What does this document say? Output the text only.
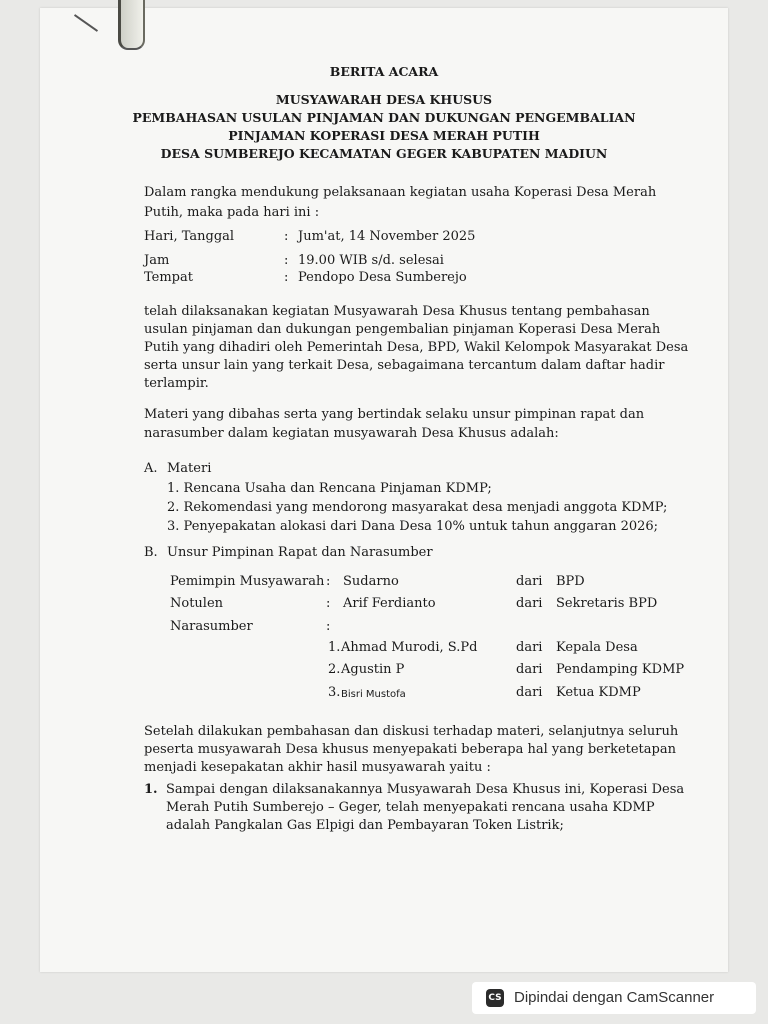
BERITA ACARA
MUSYAWARAH DESA KHUSUS
PEMBAHASAN USULAN PINJAMAN DAN DUKUNGAN PENGEMBALIAN
PINJAMAN KOPERASI DESA MERAH PUTIH
DESA SUMBEREJO KECAMATAN GEGER KABUPATEN MADIUN
Dalam rangka mendukung pelaksanaan kegiatan usaha Koperasi Desa Merah
Putih, maka pada hari ini :
Hari, Tanggal	: Jum'at, 14 November 2025
Jam	: 19.00 WIB s/d. selesai
Tempat	: Pendopo Desa Sumberejo
telah dilaksanakan kegiatan Musyawarah Desa Khusus tentang pembahasan
usulan pinjaman dan dukungan pengembalian pinjaman Koperasi Desa Merah
Putih yang dihadiri oleh Pemerintah Desa, BPD, Wakil Kelompok Masyarakat Desa
serta unsur lain yang terkait Desa, sebagaimana tercantum dalam daftar hadir
terlampir.
Materi yang dibahas serta yang bertindak selaku unsur pimpinan rapat dan
narasumber dalam kegiatan musyawarah Desa Khusus adalah:
A. Materi
1. Rencana Usaha dan Rencana Pinjaman KDMP;
2. Rekomendasi yang mendorong masyarakat desa menjadi anggota KDMP;
3. Penyepakatan alokasi dari Dana Desa 10% untuk tahun anggaran 2026;
B. Unsur Pimpinan Rapat dan Narasumber
Pemimpin Musyawarah : Sudarno	dari BPD
Notulen	: Arif Ferdianto	dari Sekretaris BPD
Narasumber	:
1. Ahmad Murodi, S.Pd	dari Kepala Desa
2. Agustin P	dari Pendamping KDMP
3. Bisri Mustofa	dari Ketua KDMP
Setelah dilakukan pembahasan dan diskusi terhadap materi, selanjutnya seluruh
peserta musyawarah Desa khusus menyepakati beberapa hal yang berketetapan
menjadi kesepakatan akhir hasil musyawarah yaitu :
1. Sampai dengan dilaksanakannya Musyawarah Desa Khusus ini, Koperasi Desa
Merah Putih Sumberejo – Geger, telah menyepakati rencana usaha KDMP
adalah Pangkalan Gas Elpigi dan Pembayaran Token Listrik;
CS Dipindai dengan CamScanner
